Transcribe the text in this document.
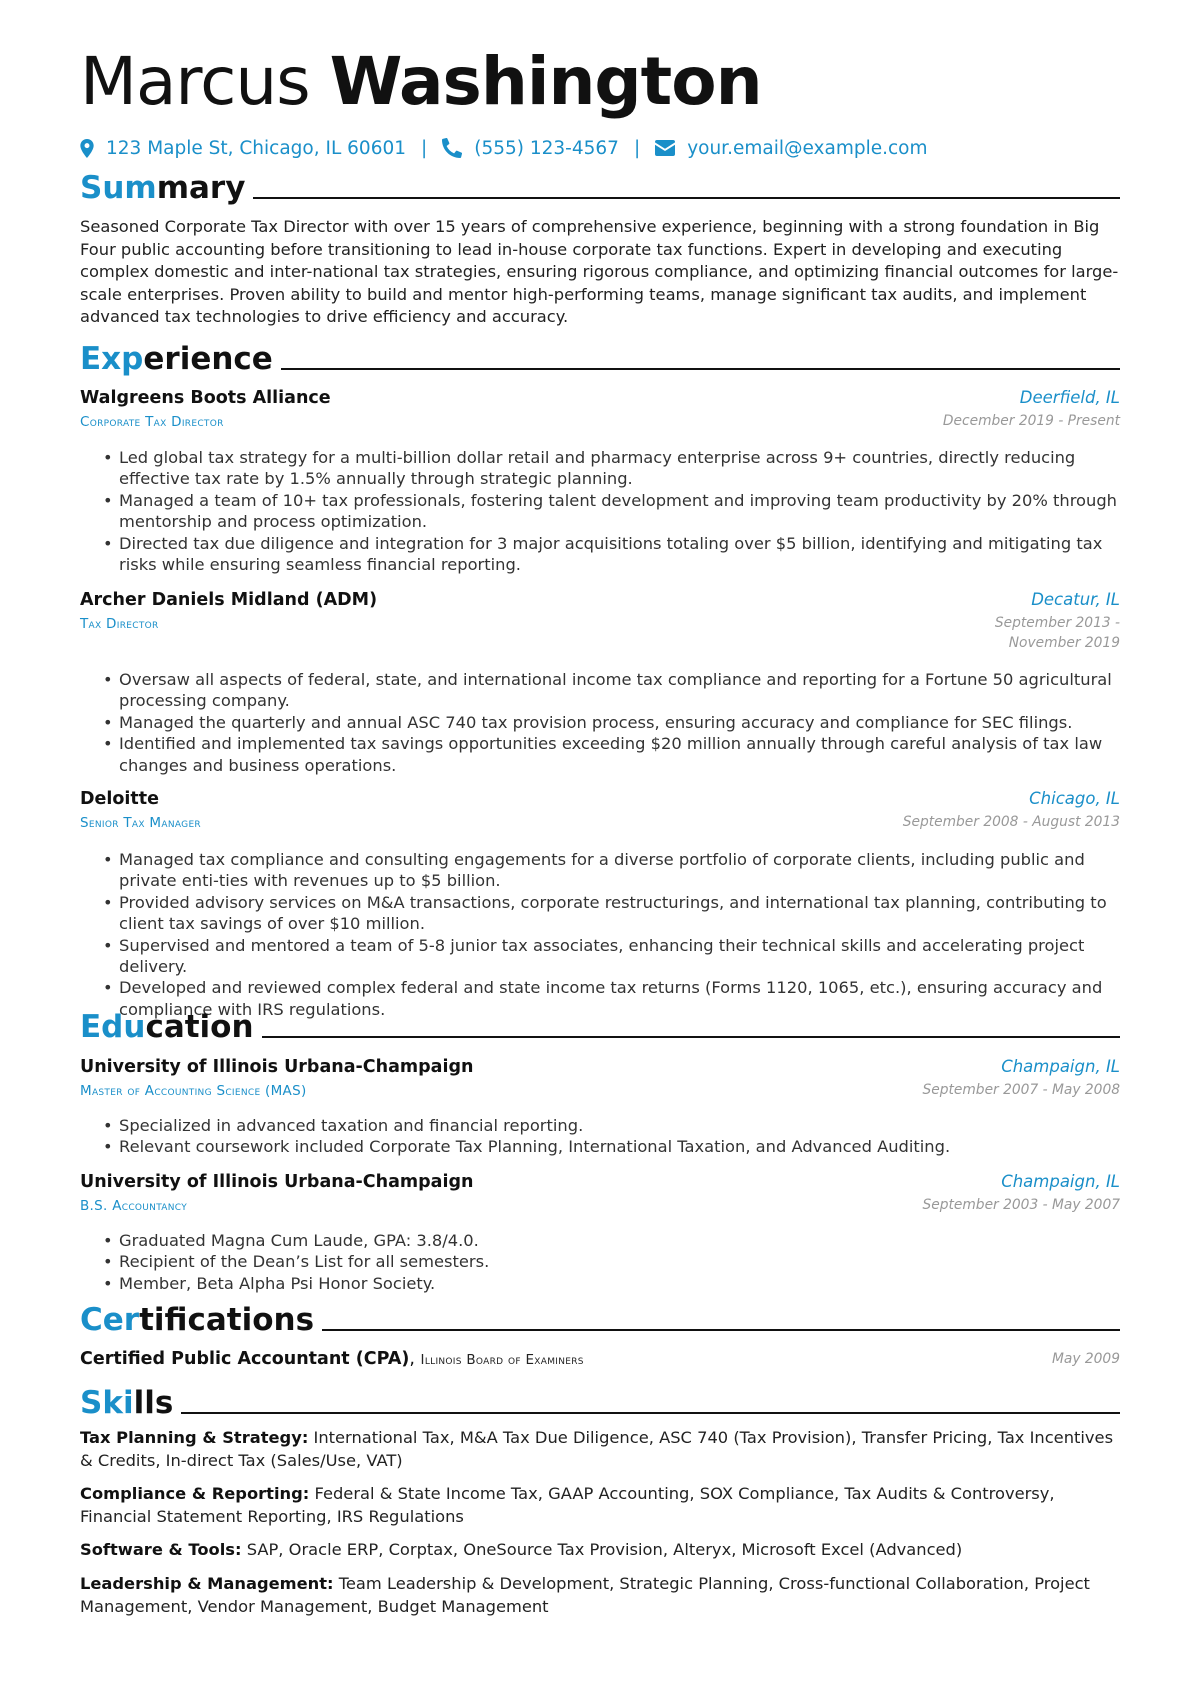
Marcus Washington
123 Maple St, Chicago, IL 60601 |	(555) 123-4567 |	your.email@example.com
Summary
Seasoned Corporate Tax Director with over 15 years of comprehensive experience, beginning with a strong foundation in Big Four public accounting before transitioning to lead in-house corporate tax functions. Expert in developing and executing complex domestic and inter-national tax strategies, ensuring rigorous compliance, and optimizing financial outcomes for large-scale enterprises. Proven ability to build and mentor high-performing teams, manage significant tax audits, and implement advanced tax technologies to drive efficiency and accuracy.
Experience
Walgreens Boots Alliance	Deerfield, IL
Corporate Tax Director	December 2019 - Present
• Led global tax strategy for a multi-billion dollar retail and pharmacy enterprise across 9+ countries, directly reducing effective tax rate by 1.5% annually through strategic planning.
• Managed a team of 10+ tax professionals, fostering talent development and improving team productivity by 20% through mentorship and process optimization.
• Directed tax due diligence and integration for 3 major acquisitions totaling over $5 billion, identifying and mitigating tax risks while ensuring seamless financial reporting.
Archer Daniels Midland (ADM)	Decatur, IL
Tax Director	September 2013 - November 2019
• Oversaw all aspects of federal, state, and international income tax compliance and reporting for a Fortune 50 agricultural processing company.
• Managed the quarterly and annual ASC 740 tax provision process, ensuring accuracy and compliance for SEC filings.
• Identified and implemented tax savings opportunities exceeding $20 million annually through careful analysis of tax law changes and business operations.
Deloitte	Chicago, IL
Senior Tax Manager	September 2008 - August 2013
• Managed tax compliance and consulting engagements for a diverse portfolio of corporate clients, including public and private enti-ties with revenues up to $5 billion.
• Provided advisory services on M&A transactions, corporate restructurings, and international tax planning, contributing to client tax savings of over $10 million.
• Supervised and mentored a team of 5-8 junior tax associates, enhancing their technical skills and accelerating project delivery.
• Developed and reviewed complex federal and state income tax returns (Forms 1120, 1065, etc.), ensuring accuracy and compliance with IRS regulations.
Education
University of Illinois Urbana-Champaign	Champaign, IL
Master of Accounting Science (MAS)	September 2007 - May 2008
• Specialized in advanced taxation and financial reporting.
• Relevant coursework included Corporate Tax Planning, International Taxation, and Advanced Auditing.
University of Illinois Urbana-Champaign	Champaign, IL
B.S. Accountancy	September 2003 - May 2007
• Graduated Magna Cum Laude, GPA: 3.8/4.0.
• Recipient of the Dean’s List for all semesters.
• Member, Beta Alpha Psi Honor Society.
Certifications
Certified Public Accountant (CPA), Illinois Board of Examiners	May 2009
Skills
Tax Planning & Strategy: International Tax, M&A Tax Due Diligence, ASC 740 (Tax Provision), Transfer Pricing, Tax Incentives & Credits, In-direct Tax (Sales/Use, VAT)
Compliance & Reporting: Federal & State Income Tax, GAAP Accounting, SOX Compliance, Tax Audits & Controversy, Financial Statement Reporting, IRS Regulations
Software & Tools: SAP, Oracle ERP, Corptax, OneSource Tax Provision, Alteryx, Microsoft Excel (Advanced)
Leadership & Management: Team Leadership & Development, Strategic Planning, Cross-functional Collaboration, Project Management, Vendor Management, Budget Management
